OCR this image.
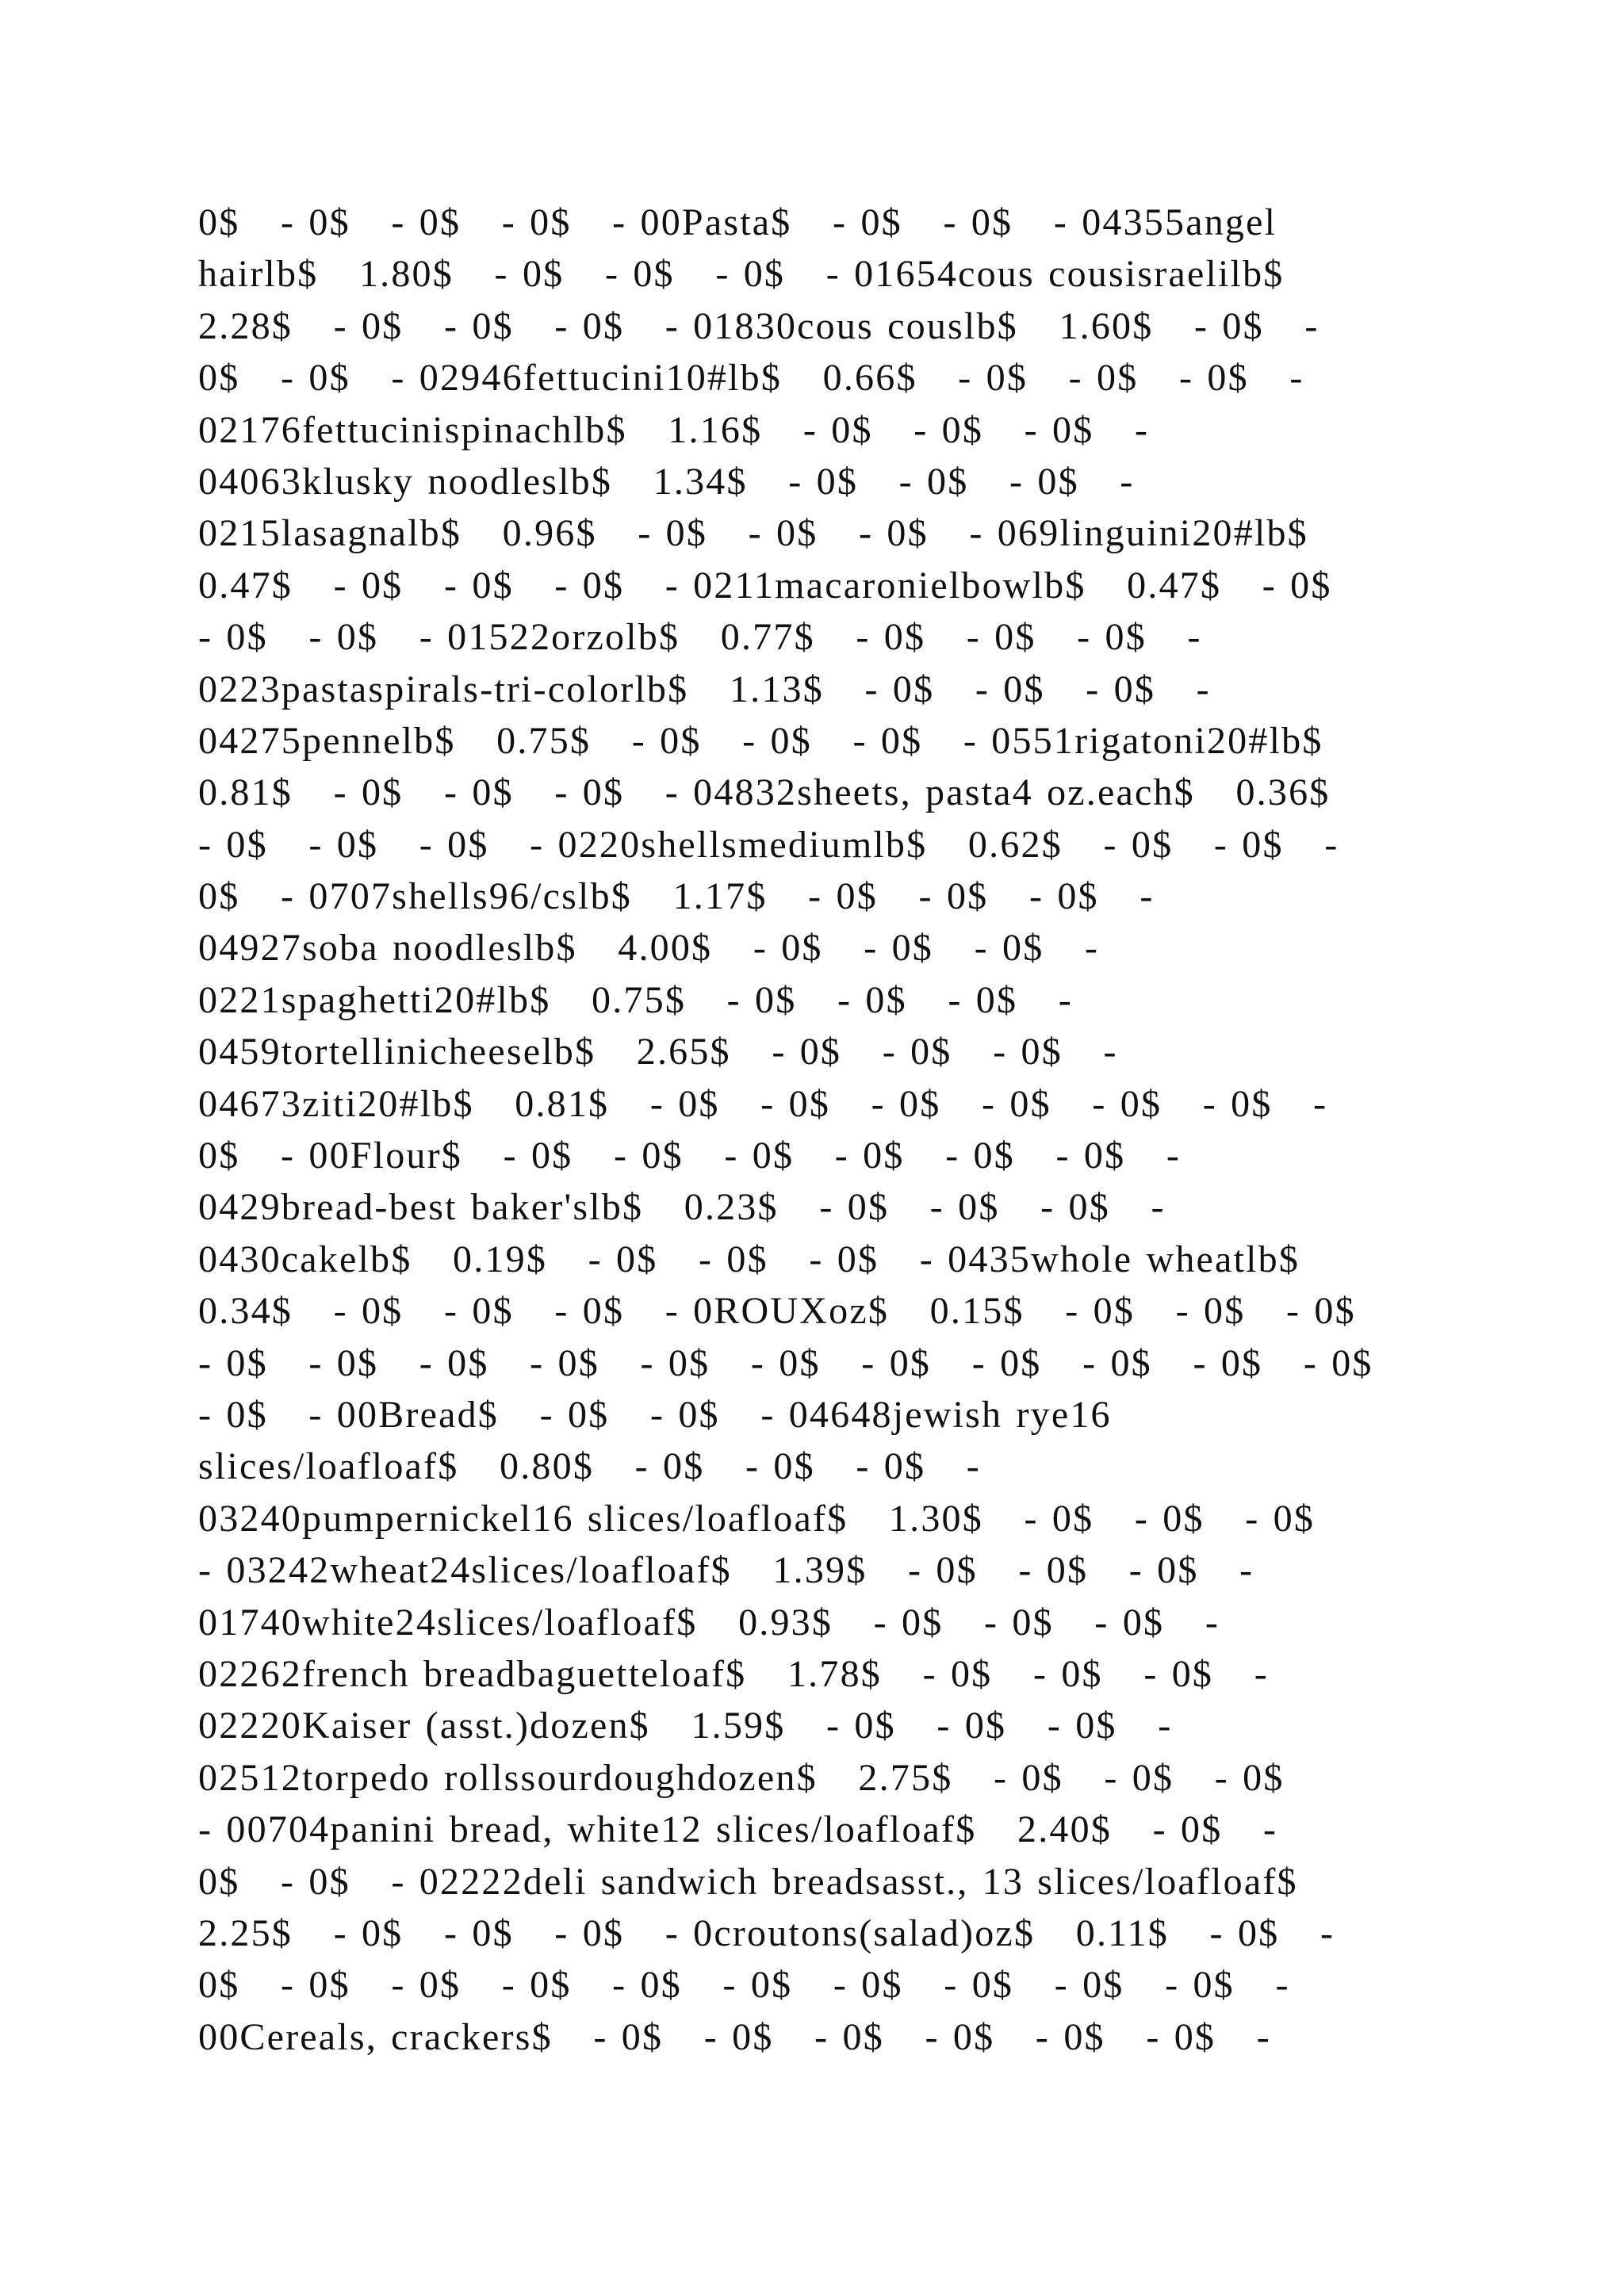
0$   - 0$   - 0$   - 0$   - 00Pasta$   - 0$   - 0$   - 04355angel
hairlb$   1.80$   - 0$   - 0$   - 0$   - 01654cous cousisraelilb$
2.28$   - 0$   - 0$   - 0$   - 01830cous couslb$   1.60$   - 0$   -
0$   - 0$   - 02946fettucini10#lb$   0.66$   - 0$   - 0$   - 0$   -
02176fettucinispinachlb$   1.16$   - 0$   - 0$   - 0$   -
04063klusky noodleslb$   1.34$   - 0$   - 0$   - 0$   -
0215lasagnalb$   0.96$   - 0$   - 0$   - 0$   - 069linguini20#lb$
0.47$   - 0$   - 0$   - 0$   - 0211macaronielbowlb$   0.47$   - 0$
- 0$   - 0$   - 01522orzolb$   0.77$   - 0$   - 0$   - 0$   -
0223pastaspirals-tri-colorlb$   1.13$   - 0$   - 0$   - 0$   -
04275pennelb$   0.75$   - 0$   - 0$   - 0$   - 0551rigatoni20#lb$
0.81$   - 0$   - 0$   - 0$   - 04832sheets, pasta4 oz.each$   0.36$
- 0$   - 0$   - 0$   - 0220shellsmediumlb$   0.62$   - 0$   - 0$   -
0$   - 0707shells96/cslb$   1.17$   - 0$   - 0$   - 0$   -
04927soba noodleslb$   4.00$   - 0$   - 0$   - 0$   -
0221spaghetti20#lb$   0.75$   - 0$   - 0$   - 0$   -
0459tortellinicheeselb$   2.65$   - 0$   - 0$   - 0$   -
04673ziti20#lb$   0.81$   - 0$   - 0$   - 0$   - 0$   - 0$   - 0$   -
0$   - 00Flour$   - 0$   - 0$   - 0$   - 0$   - 0$   - 0$   -
0429bread-best baker'slb$   0.23$   - 0$   - 0$   - 0$   -
0430cakelb$   0.19$   - 0$   - 0$   - 0$   - 0435whole wheatlb$
0.34$   - 0$   - 0$   - 0$   - 0ROUXoz$   0.15$   - 0$   - 0$   - 0$
- 0$   - 0$   - 0$   - 0$   - 0$   - 0$   - 0$   - 0$   - 0$   - 0$   - 0$
- 0$   - 00Bread$   - 0$   - 0$   - 04648jewish rye16
slices/loafloaf$   0.80$   - 0$   - 0$   - 0$   -
03240pumpernickel16 slices/loafloaf$   1.30$   - 0$   - 0$   - 0$
- 03242wheat24slices/loafloaf$   1.39$   - 0$   - 0$   - 0$   -
01740white24slices/loafloaf$   0.93$   - 0$   - 0$   - 0$   -
02262french breadbaguetteloaf$   1.78$   - 0$   - 0$   - 0$   -
02220Kaiser (asst.)dozen$   1.59$   - 0$   - 0$   - 0$   -
02512torpedo rollssourdoughdozen$   2.75$   - 0$   - 0$   - 0$
- 00704panini bread, white12 slices/loafloaf$   2.40$   - 0$   -
0$   - 0$   - 02222deli sandwich breadsasst., 13 slices/loafloaf$
2.25$   - 0$   - 0$   - 0$   - 0croutons(salad)oz$   0.11$   - 0$   -
0$   - 0$   - 0$   - 0$   - 0$   - 0$   - 0$   - 0$   - 0$   - 0$   -
00Cereals, crackers$   - 0$   - 0$   - 0$   - 0$   - 0$   - 0$   -
